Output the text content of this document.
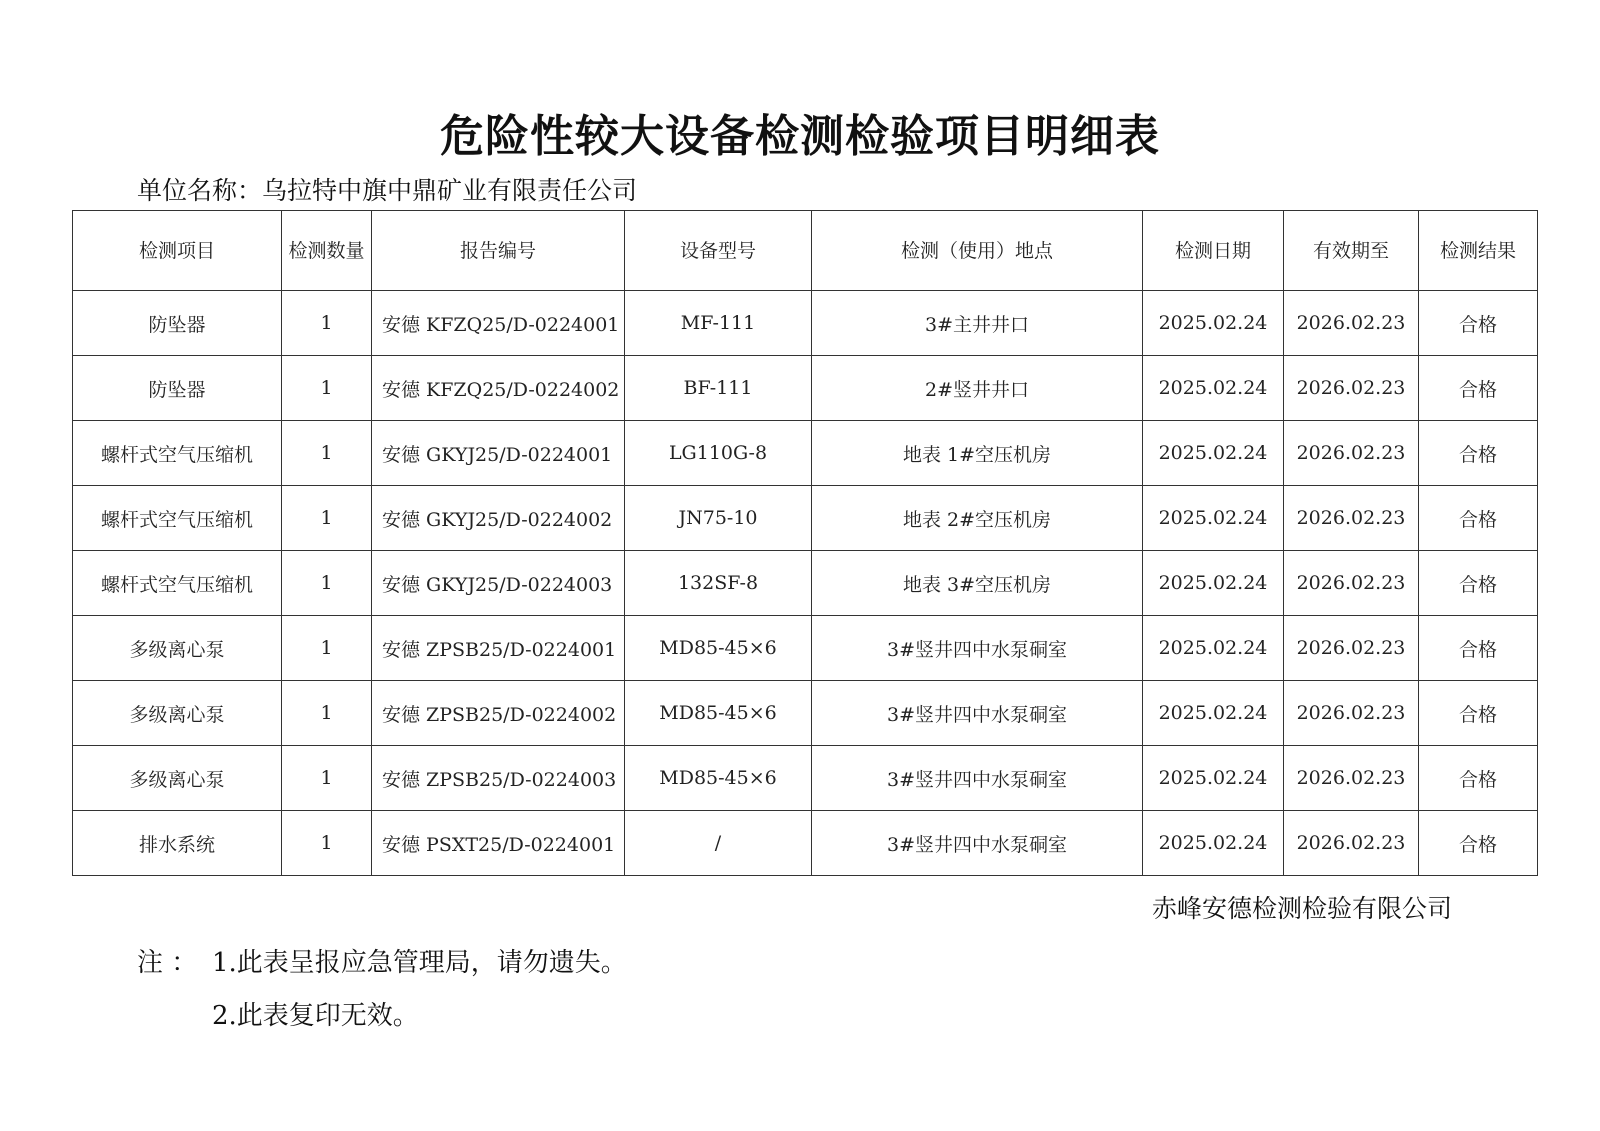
危险性较大设备检测检验项目明细表
单位名称：乌拉特中旗中鼎矿业有限责任公司
检测项目	检测数量	报告编号	设备型号	检测（使用）地点	检测日期	有效期至	检测结果
防坠器	1	安德 KFZQ25/D-0224001	MF-111	3#主井井口	2025.02.24	2026.02.23	合格
防坠器	1	安德 KFZQ25/D-0224002	BF-111	2#竖井井口	2025.02.24	2026.02.23	合格
螺杆式空气压缩机	1	安德 GKYJ25/D-0224001	LG110G-8	地表 1#空压机房	2025.02.24	2026.02.23	合格
螺杆式空气压缩机	1	安德 GKYJ25/D-0224002	JN75-10	地表 2#空压机房	2025.02.24	2026.02.23	合格
螺杆式空气压缩机	1	安德 GKYJ25/D-0224003	132SF-8	地表 3#空压机房	2025.02.24	2026.02.23	合格
多级离心泵	1	安德 ZPSB25/D-0224001	MD85-45×6	3#竖井四中水泵硐室	2025.02.24	2026.02.23	合格
多级离心泵	1	安德 ZPSB25/D-0224002	MD85-45×6	3#竖井四中水泵硐室	2025.02.24	2026.02.23	合格
多级离心泵	1	安德 ZPSB25/D-0224003	MD85-45×6	3#竖井四中水泵硐室	2025.02.24	2026.02.23	合格
排水系统	1	安德 PSXT25/D-0224001	/	3#竖井四中水泵硐室	2025.02.24	2026.02.23	合格
赤峰安德检测检验有限公司
注 ： 1.此表呈报应急管理局，请勿遗失。
2.此表复印无效。
